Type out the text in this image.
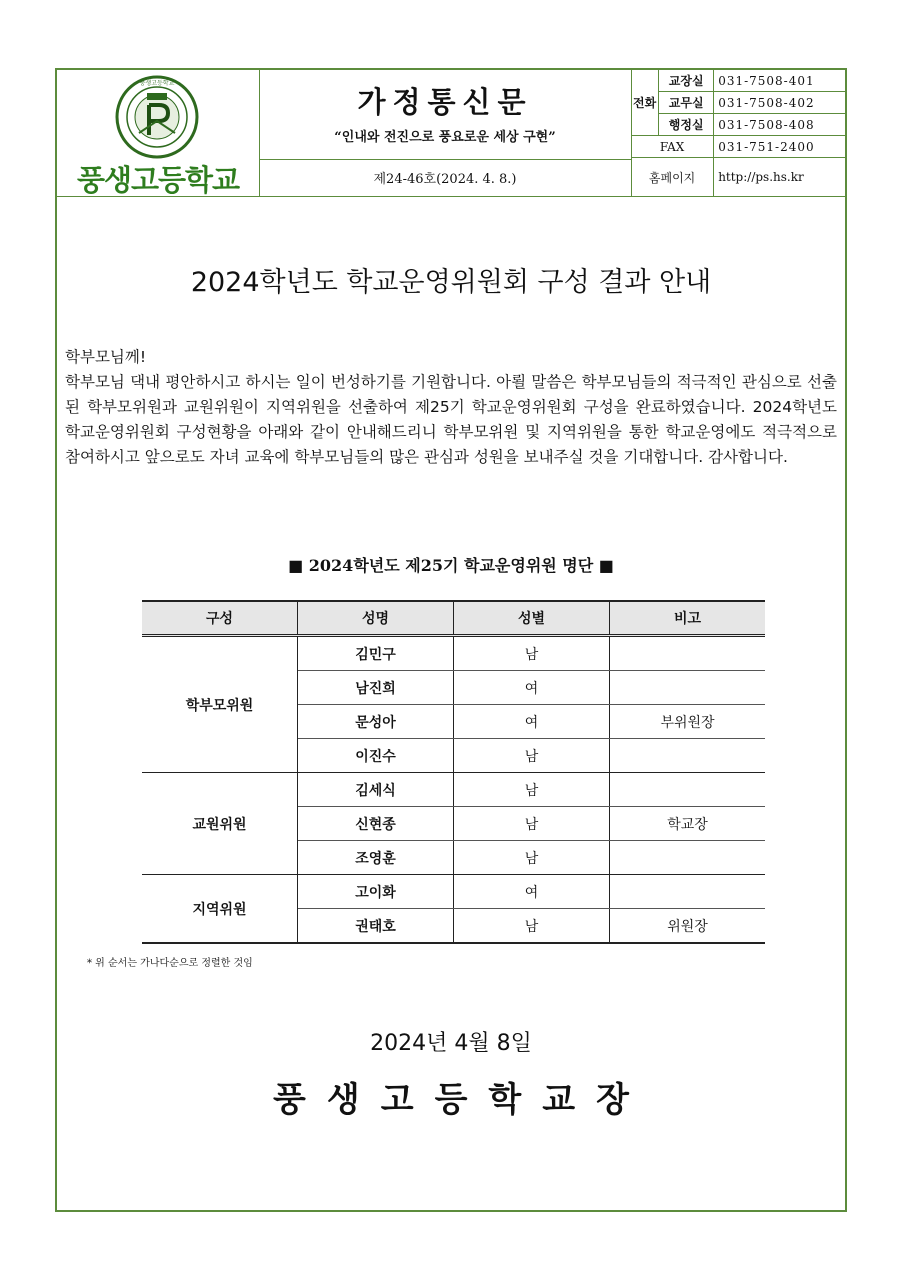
풍생고등학교
풍생고등학교
가정통신문
“인내와 전진으로 풍요로운 세상 구현”
제24-46호(2024. 4. 8.)
전화	교장실	031-7508-401
	교무실	031-7508-402
	행정실	031-7508-408
FAX		031-751-2400
홈페이지		http://ps.hs.kr
2024학년도 학교운영위원회 구성 결과 안내
학부모님께!
학부모님 댁내 평안하시고 하시는 일이 번성하기를 기원합니다. 아뢸 말씀은 학부모님들의 적극적인 관심으로 선출된 학부모위원과 교원위원이 지역위원을 선출하여 제25기 학교운영위원회 구성을 완료하였습니다. 2024학년도 학교운영위원회 구성현황을 아래와 같이 안내해드리니 학부모위원 및 지역위원을 통한 학교운영에도 적극적으로 참여하시고 앞으로도 자녀 교육에 학부모님들의 많은 관심과 성원을 보내주실 것을 기대합니다. 감사합니다.
■ 2024학년도 제25기 학교운영위원 명단 ■
구성	성명	성별	비고
학부모위원	김민구	남	
	남진희	여	
	문성아	여	부위원장
	이진수	남	
교원위원	김세식	남	
	신현종	남	학교장
	조영훈	남	
지역위원	고이화	여	
	권태호	남	위원장
* 위 순서는 가나다순으로 정렬한 것임
2024년 4월 8일
풍생고등학교장
